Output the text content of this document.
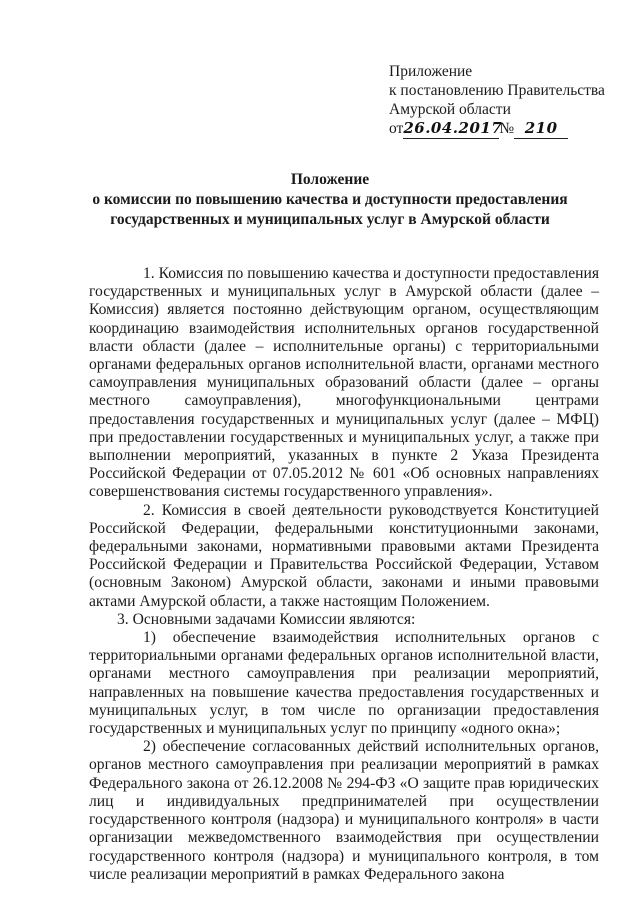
Приложение
к постановлению Правительства
Амурской области
от26.04.2017№ 210
Положение
о комиссии по повышению качества и доступности предоставления
государственных и муниципальных услуг в Амурской области

1. Комиссия по повышению качества и доступности предоставления государственных и муниципальных услуг в Амурской области (далее – Комиссия) является постоянно действующим органом, осуществляющим координацию взаимодействия исполнительных органов государственной власти области (далее – исполнительные органы) с территориальными органами федеральных органов исполнительной власти, органами местного самоуправления муниципальных образований области (далее – органы местного самоуправления), многофункциональными центрами предоставления государственных и муниципальных услуг (далее – МФЦ) при предоставлении государственных и муниципальных услуг, а также при выполнении мероприятий, указанных в пункте 2 Указа Президента Российской Федерации от 07.05.2012 № 601 «Об основных направлениях совершенствования системы государственного управления».

2. Комиссия в своей деятельности руководствуется Конституцией Российской Федерации, федеральными конституционными законами, федеральными законами, нормативными правовыми актами Президента Российской Федерации и Правительства Российской Федерации, Уставом (основным Законом) Амурской области, законами и иными правовыми актами Амурской области, а также настоящим Положением.

3. Основными задачами Комиссии являются:

1) обеспечение взаимодействия исполнительных органов с территориальными органами федеральных органов исполнительной власти, органами местного самоуправления при реализации мероприятий, направленных на повышение качества предоставления государственных и муниципальных услуг, в том числе по организации предоставления государственных и муниципальных услуг по принципу «одного окна»;

2) обеспечение согласованных действий исполнительных органов, органов местного самоуправления при реализации мероприятий в рамках Федерального закона от 26.12.2008 № 294-ФЗ «О защите прав юридических лиц и индивидуальных предпринимателей при осуществлении государственного контроля (надзора) и муниципального контроля» в части организации межведомственного взаимодействия при осуществлении государственного контроля (надзора) и муниципального контроля, в том числе реализации мероприятий в рамках Федерального закона
